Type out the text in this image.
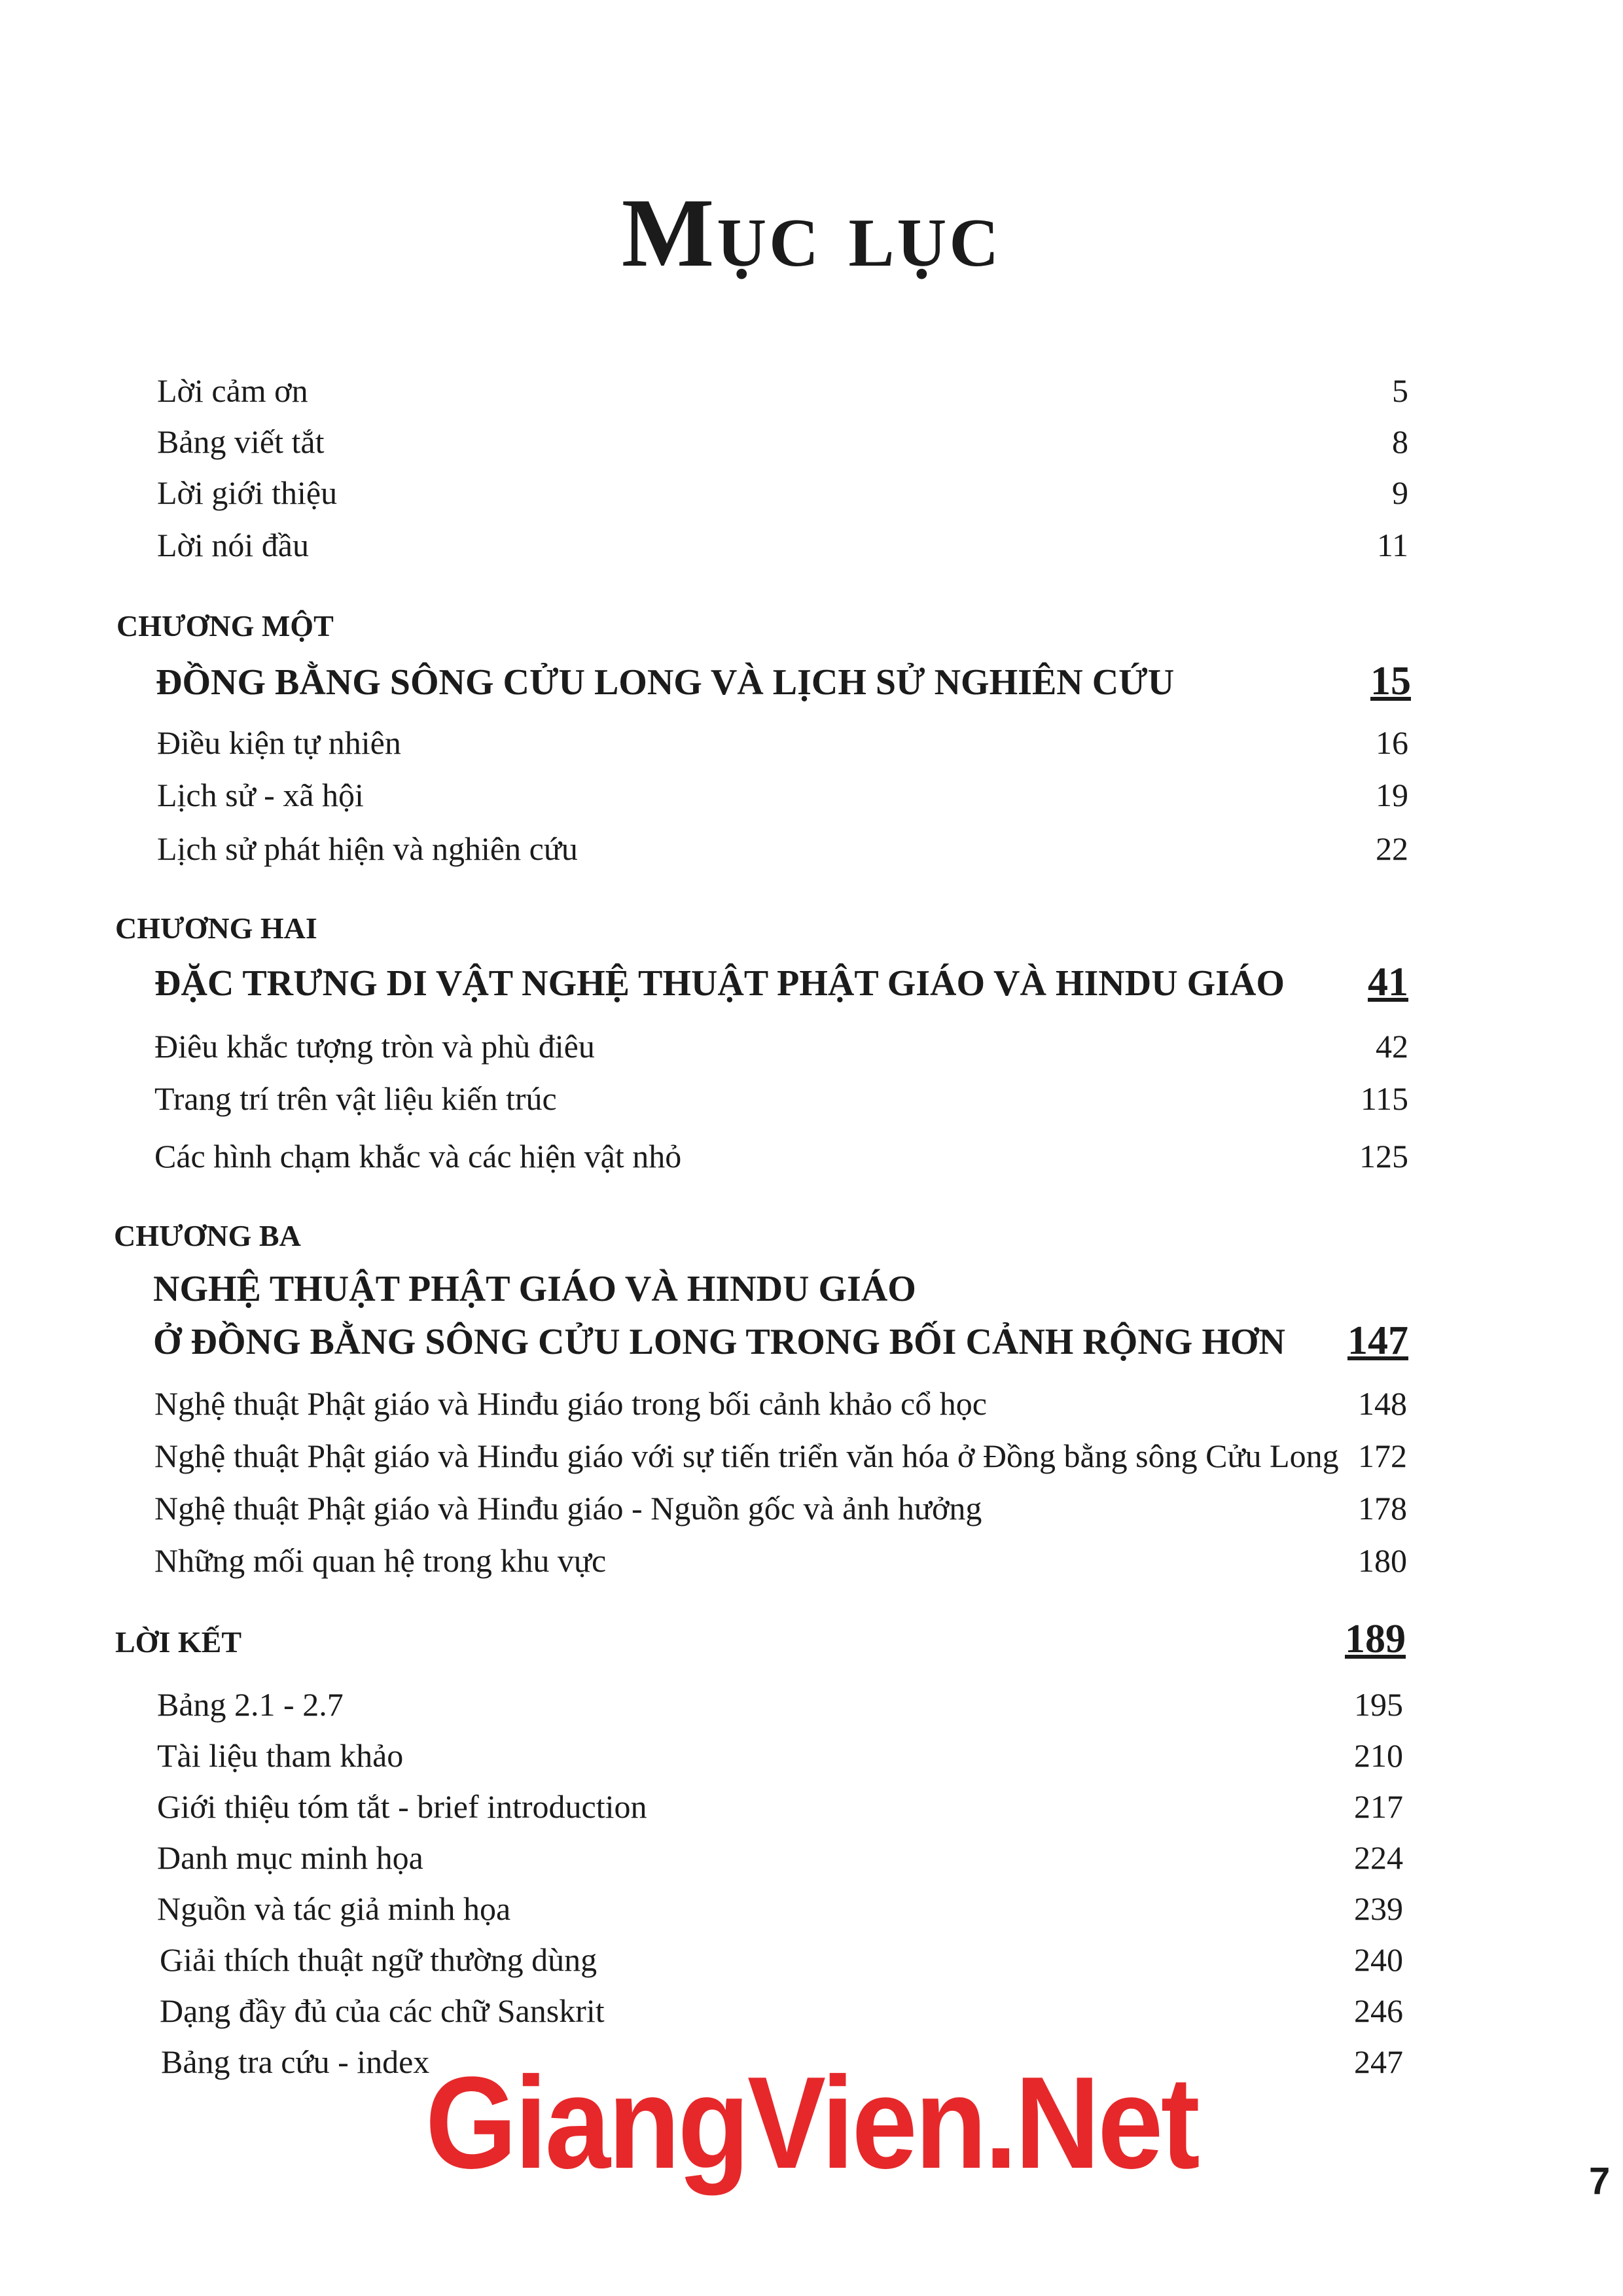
Mục lục
Lời cảm ơn	5
Bảng viết tắt	8
Lời giới thiệu	9
Lời nói đầu	11
CHƯƠNG MỘT
ĐỒNG BẰNG SÔNG CỬU LONG VÀ LỊCH SỬ NGHIÊN CỨU	15
Điều kiện tự nhiên	16
Lịch sử - xã hội	19
Lịch sử phát hiện và nghiên cứu	22
CHƯƠNG HAI
ĐẶC TRƯNG DI VẬT NGHỆ THUẬT PHẬT GIÁO VÀ HINDU GIÁO	41
Điêu khắc tượng tròn và phù điêu	42
Trang trí trên vật liệu kiến trúc	115
Các hình chạm khắc và các hiện vật nhỏ	125
CHƯƠNG BA
NGHỆ THUẬT PHẬT GIÁO VÀ HINDU GIÁO
Ở ĐỒNG BẰNG SÔNG CỬU LONG TRONG BỐI CẢNH RỘNG HƠN	147
Nghệ thuật Phật giáo và Hinđu giáo trong bối cảnh khảo cổ học	148
Nghệ thuật Phật giáo và Hinđu giáo với sự tiến triển văn hóa ở Đồng bằng sông Cửu Long 172
Nghệ thuật Phật giáo và Hinđu giáo - Nguồn gốc và ảnh hưởng	178
Những mối quan hệ trong khu vực	180
LỜI KẾT	189
Bảng 2.1 - 2.7	195
Tài liệu tham khảo	210
Giới thiệu tóm tắt - brief introduction	217
Danh mục minh họa	224
Nguồn và tác giả minh họa	239
Giải thích thuật ngữ thường dùng	240
Dạng đầy đủ của các chữ Sanskrit	246
Bảng tra cứu - index	247
GiangVien.Net	7
